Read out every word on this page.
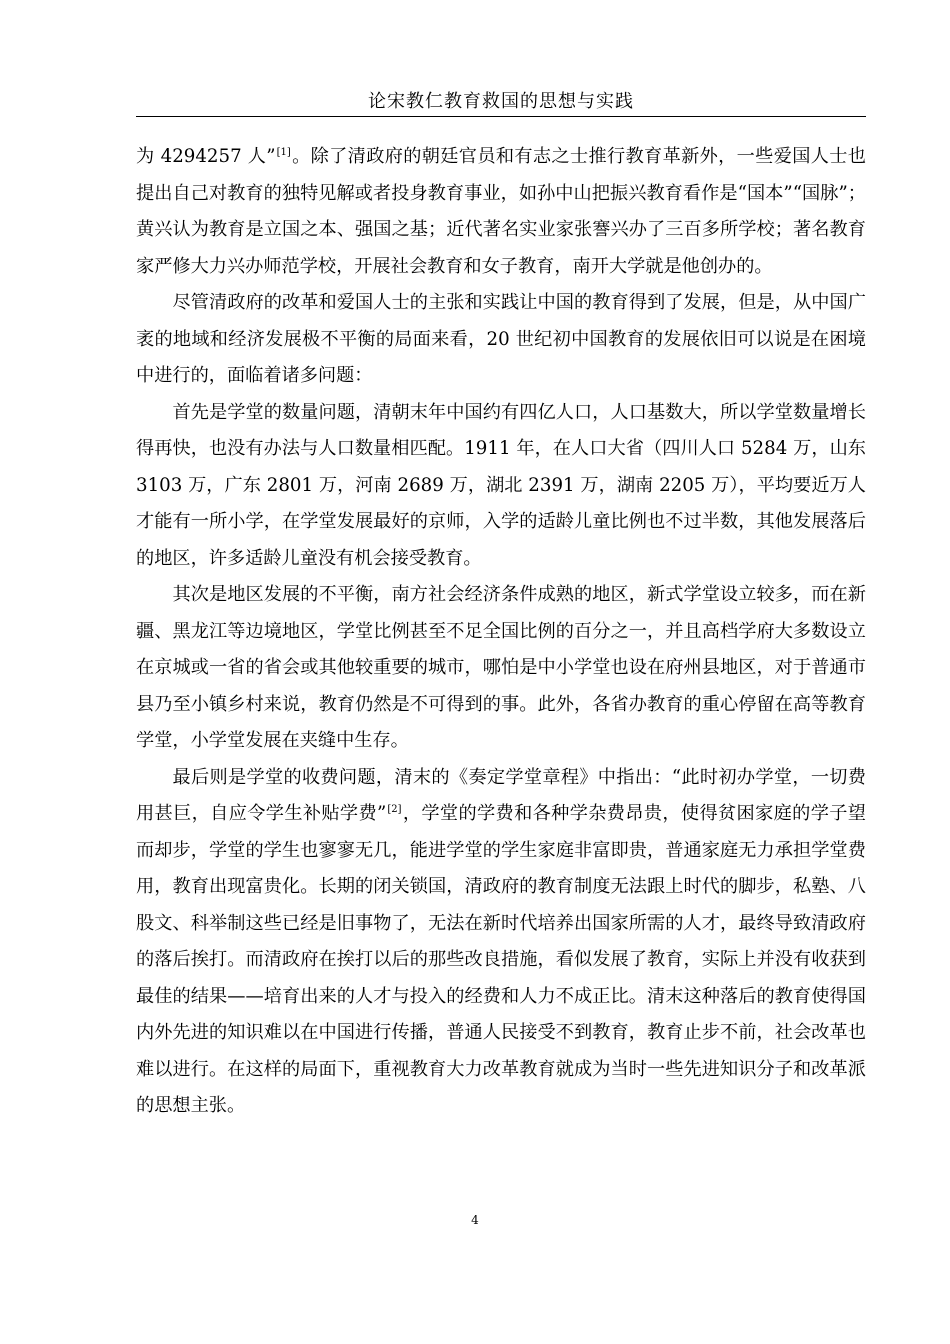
论宋教仁教育救国的思想与实践

为 4294257 人”[1]。除了清政府的朝廷官员和有志之士推行教育革新外，一些爱国人士也提出自己对教育的独特见解或者投身教育事业，如孙中山把振兴教育看作是“国本”“国脉”；黄兴认为教育是立国之本、强国之基；近代著名实业家张謇兴办了三百多所学校；著名教育家严修大力兴办师范学校，开展社会教育和女子教育，南开大学就是他创办的。

尽管清政府的改革和爱国人士的主张和实践让中国的教育得到了发展，但是，从中国广袤的地域和经济发展极不平衡的局面来看，20 世纪初中国教育的发展依旧可以说是在困境中进行的，面临着诸多问题：

首先是学堂的数量问题，清朝末年中国约有四亿人口，人口基数大，所以学堂数量增长得再快，也没有办法与人口数量相匹配。1911 年，在人口大省（四川人口 5284 万，山东 3103 万，广东 2801 万，河南 2689 万，湖北 2391 万，湖南 2205 万），平均要近万人才能有一所小学，在学堂发展最好的京师，入学的适龄儿童比例也不过半数，其他发展落后的地区，许多适龄儿童没有机会接受教育。

其次是地区发展的不平衡，南方社会经济条件成熟的地区，新式学堂设立较多，而在新疆、黑龙江等边境地区，学堂比例甚至不足全国比例的百分之一，并且高档学府大多数设立在京城或一省的省会或其他较重要的城市，哪怕是中小学堂也设在府州县地区，对于普通市县乃至小镇乡村来说，教育仍然是不可得到的事。此外，各省办教育的重心停留在高等教育学堂，小学堂发展在夹缝中生存。

最后则是学堂的收费问题，清末的《奏定学堂章程》中指出：“此时初办学堂，一切费用甚巨，自应令学生补贴学费”[2]，学堂的学费和各种学杂费昂贵，使得贫困家庭的学子望而却步，学堂的学生也寥寥无几，能进学堂的学生家庭非富即贵，普通家庭无力承担学堂费用，教育出现富贵化。长期的闭关锁国，清政府的教育制度无法跟上时代的脚步，私塾、八股文、科举制这些已经是旧事物了，无法在新时代培养出国家所需的人才，最终导致清政府的落后挨打。而清政府在挨打以后的那些改良措施，看似发展了教育，实际上并没有收获到最佳的结果——培育出来的人才与投入的经费和人力不成正比。清末这种落后的教育使得国内外先进的知识难以在中国进行传播，普通人民接受不到教育，教育止步不前，社会改革也难以进行。在这样的局面下，重视教育大力改革教育就成为当时一些先进知识分子和改革派的思想主张。

4
